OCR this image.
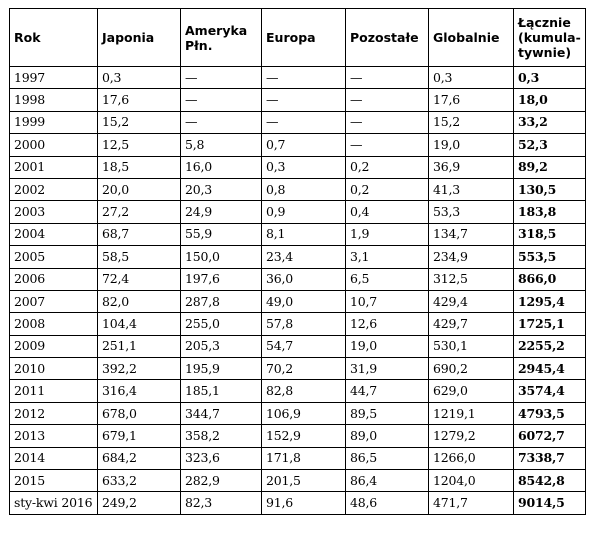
Rok	Japonia	Ameryka Płn.	Europa	Pozostałe	Globalnie	Łącznie (kumula-tywnie)
1997	0,3	—	—	—	0,3	0,3
1998	17,6	—	—	—	17,6	18,0
1999	15,2	—	—	—	15,2	33,2
2000	12,5	5,8	0,7	—	19,0	52,3
2001	18,5	16,0	0,3	0,2	36,9	89,2
2002	20,0	20,3	0,8	0,2	41,3	130,5
2003	27,2	24,9	0,9	0,4	53,3	183,8
2004	68,7	55,9	8,1	1,9	134,7	318,5
2005	58,5	150,0	23,4	3,1	234,9	553,5
2006	72,4	197,6	36,0	6,5	312,5	866,0
2007	82,0	287,8	49,0	10,7	429,4	1295,4
2008	104,4	255,0	57,8	12,6	429,7	1725,1
2009	251,1	205,3	54,7	19,0	530,1	2255,2
2010	392,2	195,9	70,2	31,9	690,2	2945,4
2011	316,4	185,1	82,8	44,7	629,0	3574,4
2012	678,0	344,7	106,9	89,5	1219,1	4793,5
2013	679,1	358,2	152,9	89,0	1279,2	6072,7
2014	684,2	323,6	171,8	86,5	1266,0	7338,7
2015	633,2	282,9	201,5	86,4	1204,0	8542,8
sty-kwi 2016	249,2	82,3	91,6	48,6	471,7	9014,5
